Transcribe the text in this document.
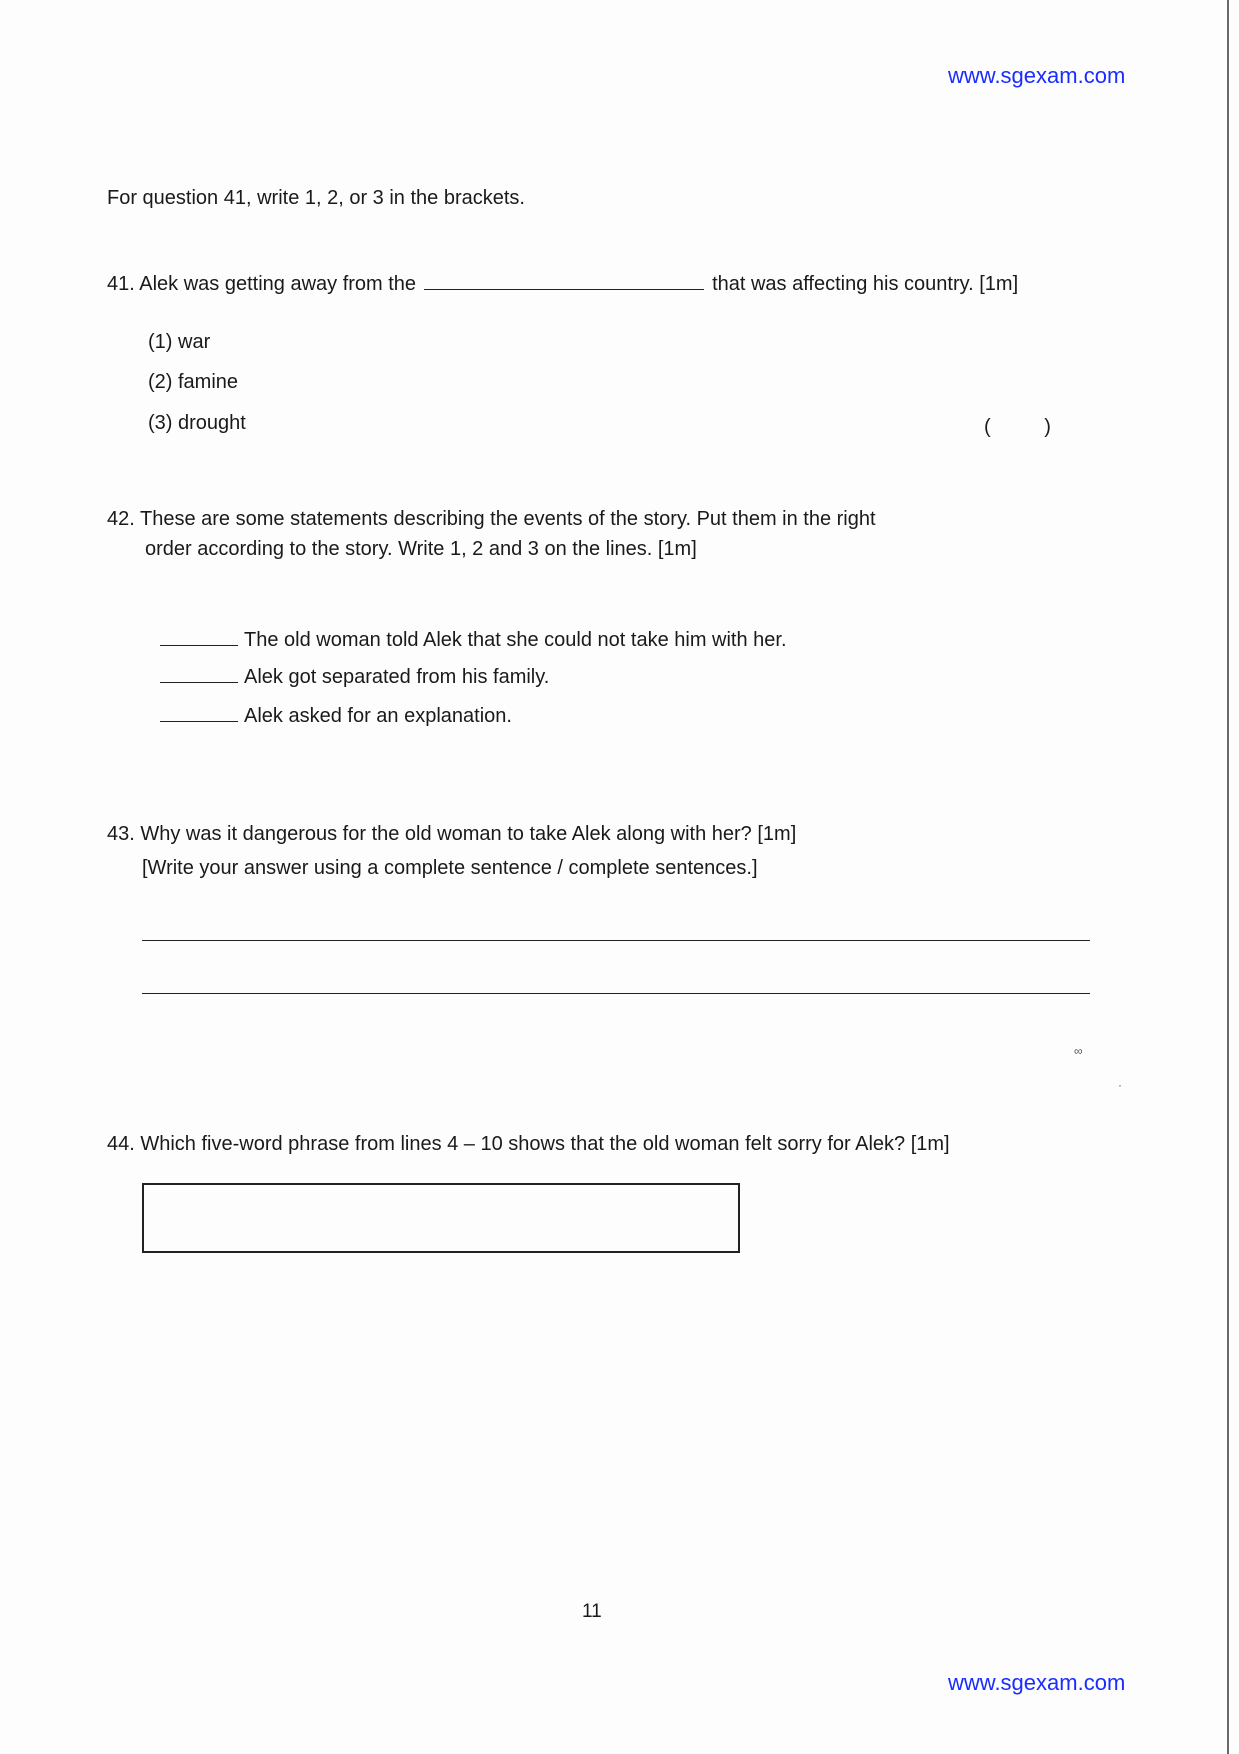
www.sgexam.com
For question 41, write 1, 2, or 3 in the brackets.
41. Alek was getting away from the	that was affecting his country. [1m]
(1) war
(2) famine
(3) drought	( )
42. These are some statements describing the events of the story. Put them in the right
order according to the story. Write 1, 2 and 3 on the lines. [1m]
The old woman told Alek that she could not take him with her.
Alek got separated from his family.
Alek asked for an explanation.
43. Why was it dangerous for the old woman to take Alek along with her? [1m]
[Write your answer using a complete sentence / complete sentences.]
∞
·
44. Which five-word phrase from lines 4 – 10 shows that the old woman felt sorry for Alek? [1m]
11
www.sgexam.com
